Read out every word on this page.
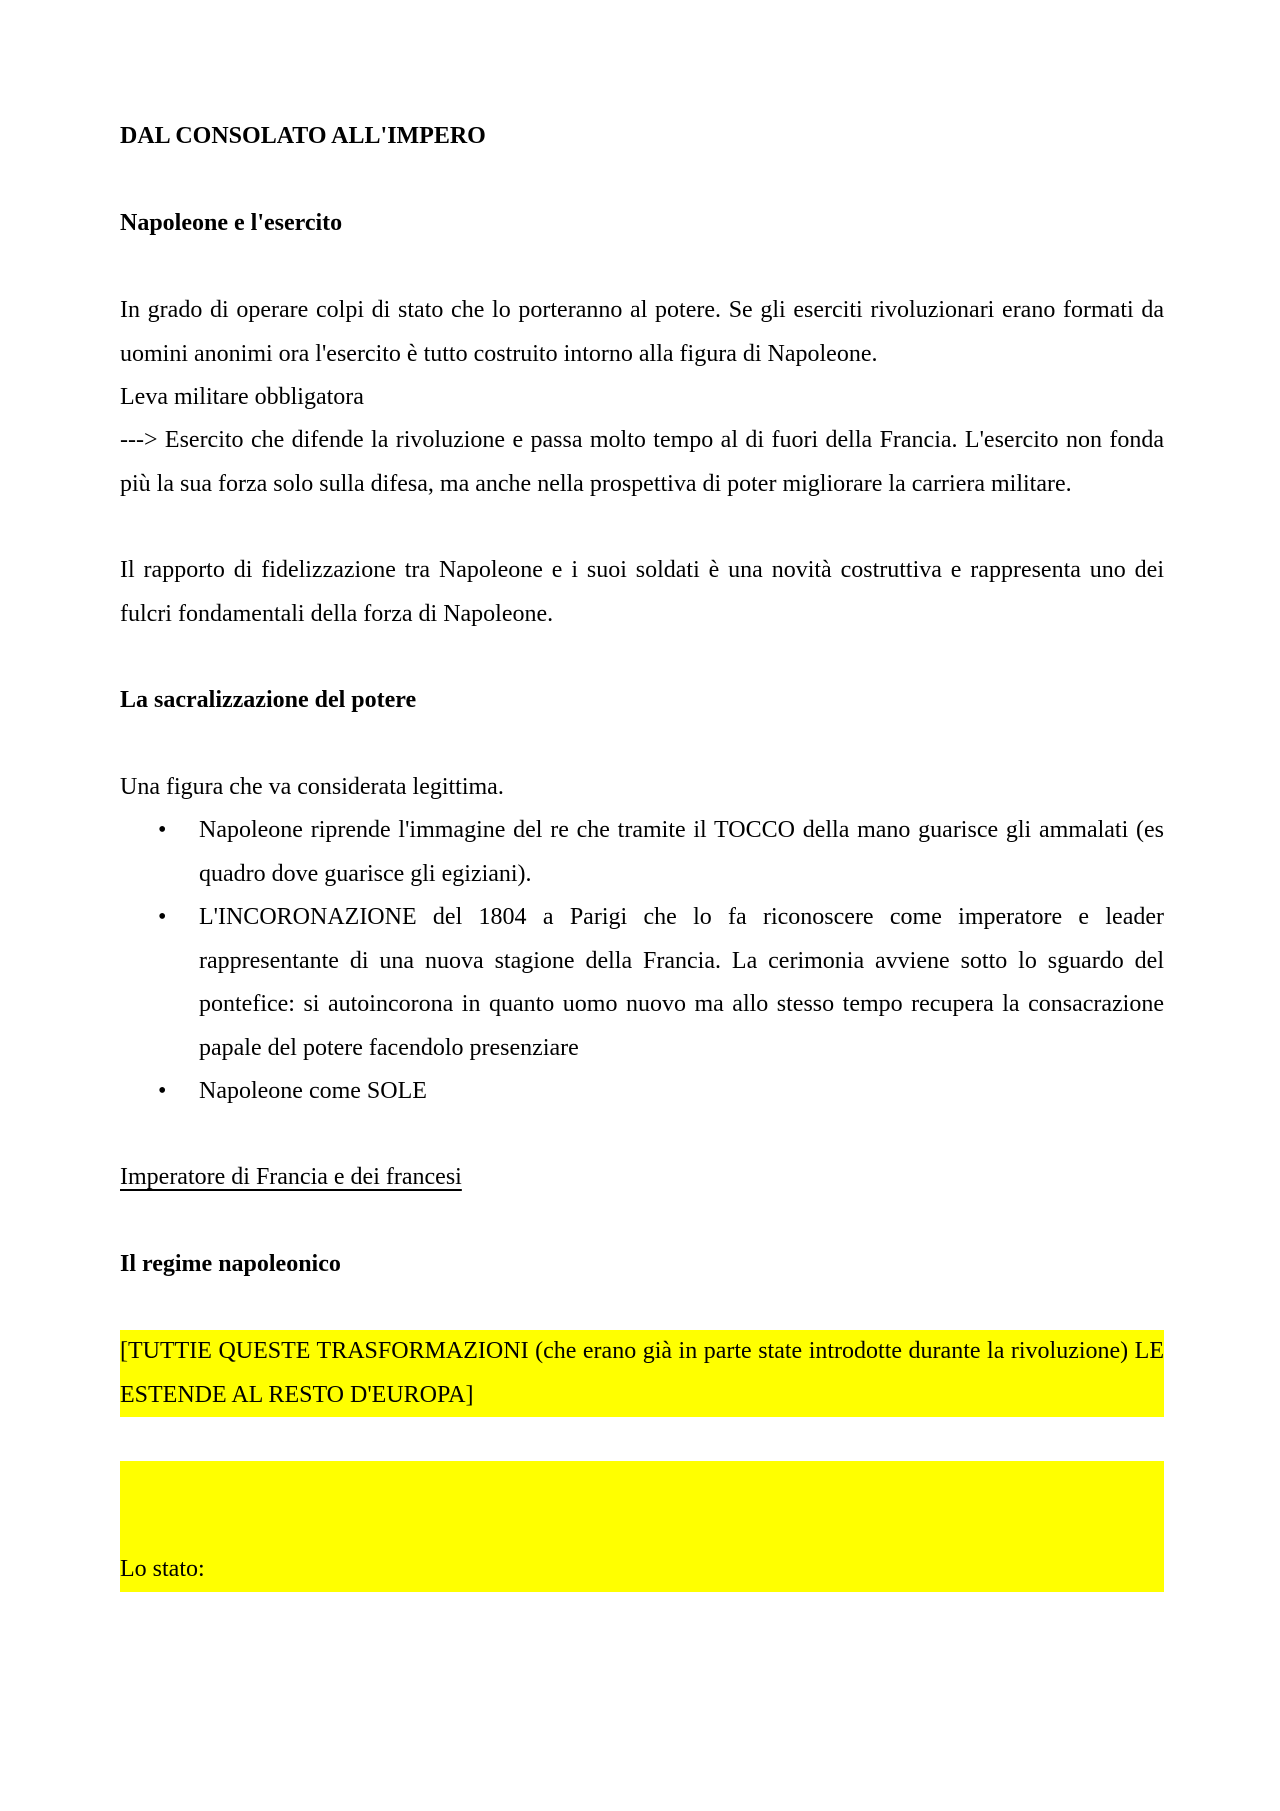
DAL CONSOLATO ALL'IMPERO
Napoleone e l'esercito
In grado di operare colpi di stato che lo porteranno al potere. Se gli eserciti rivoluzionari erano formati da uomini anonimi ora l'esercito è tutto costruito intorno alla figura di Napoleone.
Leva militare obbligatora
---> Esercito che difende la rivoluzione e passa molto tempo al di fuori della Francia. L'esercito non fonda più la sua forza solo sulla difesa, ma anche nella prospettiva di poter migliorare la carriera militare.
Il rapporto di fidelizzazione tra Napoleone e i suoi soldati è una novità costruttiva e rappresenta uno dei fulcri fondamentali della forza di Napoleone.
La sacralizzazione del potere
Una figura che va considerata legittima.
• Napoleone riprende l'immagine del re che tramite il TOCCO della mano guarisce gli ammalati (es quadro dove guarisce gli egiziani).
• L'INCORONAZIONE del 1804 a Parigi che lo fa riconoscere come imperatore e leader rappresentante di una nuova stagione della Francia. La cerimonia avviene sotto lo sguardo del pontefice: si autoincorona in quanto uomo nuovo ma allo stesso tempo recupera la consacrazione papale del potere facendolo presenziare
• Napoleone come SOLE
Imperatore di Francia e dei francesi
Il regime napoleonico
[TUTTIE QUESTE TRASFORMAZIONI (che erano già in parte state introdotte durante la rivoluzione) LE ESTENDE AL RESTO D'EUROPA]
Lo stato:
